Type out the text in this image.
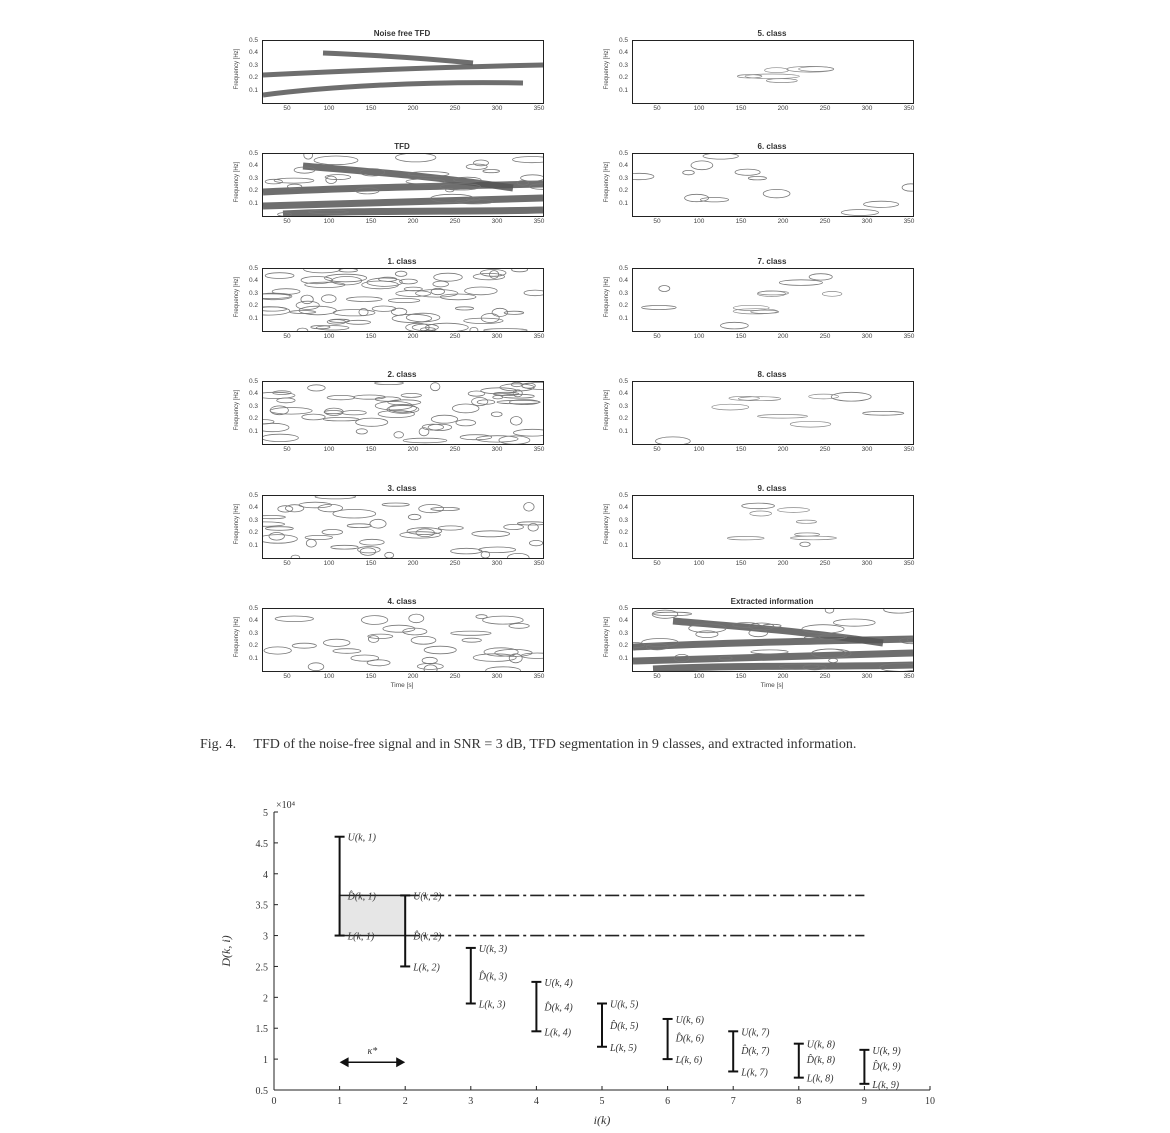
Noise free TFD
0.5
0.4
0.3
0.2
0.1
50	100	150	200	250	300	350
Frequency [Hz]
5. class
0.5
0.4
0.3
0.2
0.1
50	100	150	200	250	300	350
Frequency [Hz]
TFD
0.5
0.4
0.3
0.2
0.1
50	100	150	200	250	300	350
Frequency [Hz]
6. class
0.5
0.4
0.3
0.2
0.1
50	100	150	200	250	300	350
Frequency [Hz]
1. class
0.5
0.4
0.3
0.2
0.1
50	100	150	200	250	300	350
Frequency [Hz]
7. class
0.5
0.4
0.3
0.2
0.1
50	100	150	200	250	300	350
Frequency [Hz]
2. class
0.5
0.4
0.3
0.2
0.1
50	100	150	200	250	300	350
Frequency [Hz]
8. class
0.5
0.4
0.3
0.2
0.1
50	100	150	200	250	300	350
Frequency [Hz]
3. class
0.5
0.4
0.3
0.2
0.1
50	100	150	200	250	300	350
Frequency [Hz]
9. class
0.5
0.4
0.3
0.2
0.1
50	100	150	200	250	300	350
Frequency [Hz]
4. class
0.5
0.4
0.3
0.2
0.1
50	100	150	200	250	300	350
Frequency [Hz]
Time [s]
Extracted information
0.5
0.4
0.3
0.2
0.1
50	100	150	200	250	300	350
Frequency [Hz]
Time [s]
Fig. 4. TFD of the noise-free signal and in SNR = 3 dB, TFD segmentation in 9 classes, and extracted information.
0	1	2	3	4	5	6	7	8	9	10
0.5
1
1.5
2
2.5
3
3.5
4
4.5
5
×10⁴
D(k, i)
i(k)
U(k, 1)
D̂(k, 1)
L(k, 1)
U(k, 2)
D̂(k, 2)
L(k, 2)
U(k, 3)
D̂(k, 3)
L(k, 3)
U(k, 4)
D̂(k, 4)
L(k, 4)
U(k, 5)
D̂(k, 5)
L(k, 5)
U(k, 6)
D̂(k, 6)
L(k, 6)
U(k, 7)
D̂(k, 7)
L(k, 7)
U(k, 8)
D̂(k, 8)
L(k, 8)
U(k, 9)
D̂(k, 9)
L(k, 9)
κ*
